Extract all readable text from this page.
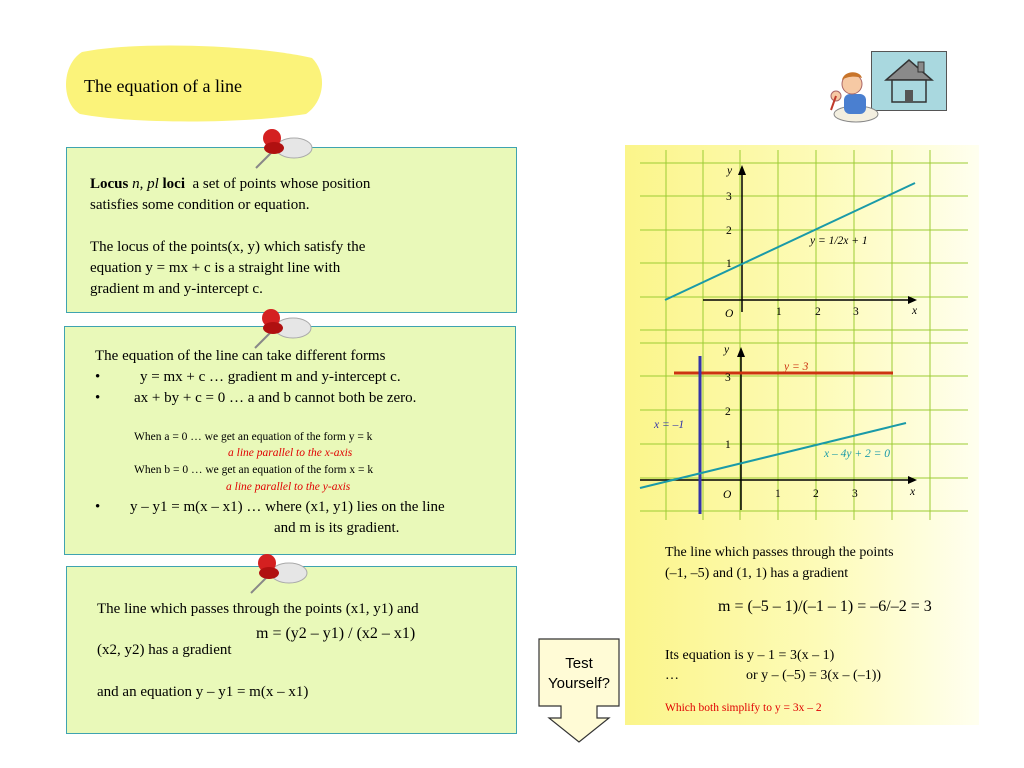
The equation of a line
Locus n, pl loci a set of points whose position
satisfies some condition or equation.
The locus of the points(x, y) which satisfy the
equation y = mx + c is a straight line with
gradient m and y-intercept c.
The equation of the line can take different forms
•	y = mx + c … gradient m and y-intercept c.
• ax + by + c = 0 … a and b cannot both be zero.
When a = 0 … we get an equation of the form y = k
a line parallel to the x-axis
When b = 0 … we get an equation of the form x = k
a line parallel to the y-axis
• y – y1 = m(x – x1) … where (x1, y1) lies on the line
and m is its gradient.
The line which passes through the points (x1, y1) and
(x2, y2) has a gradient
m = (y2 – y1) / (x2 – x1)
and an equation y – y1 = m(x – x1)
y
x
O	1	2	3
1
2
3
y = 1/2x + 1
y
x
O	1	2	3
1
2
3
y = 3
x = –1
x – 4y + 2 = 0
The line which passes through the points
(–1, –5) and (1, 1) has a gradient
m = (–5 – 1)/(–1 – 1) = –6/–2 = 3
Its equation is y – 1 = 3(x – 1)
…	or y – (–5) = 3(x – (–1))
Which both simplify to y = 3x – 2
Test
Yourself?
